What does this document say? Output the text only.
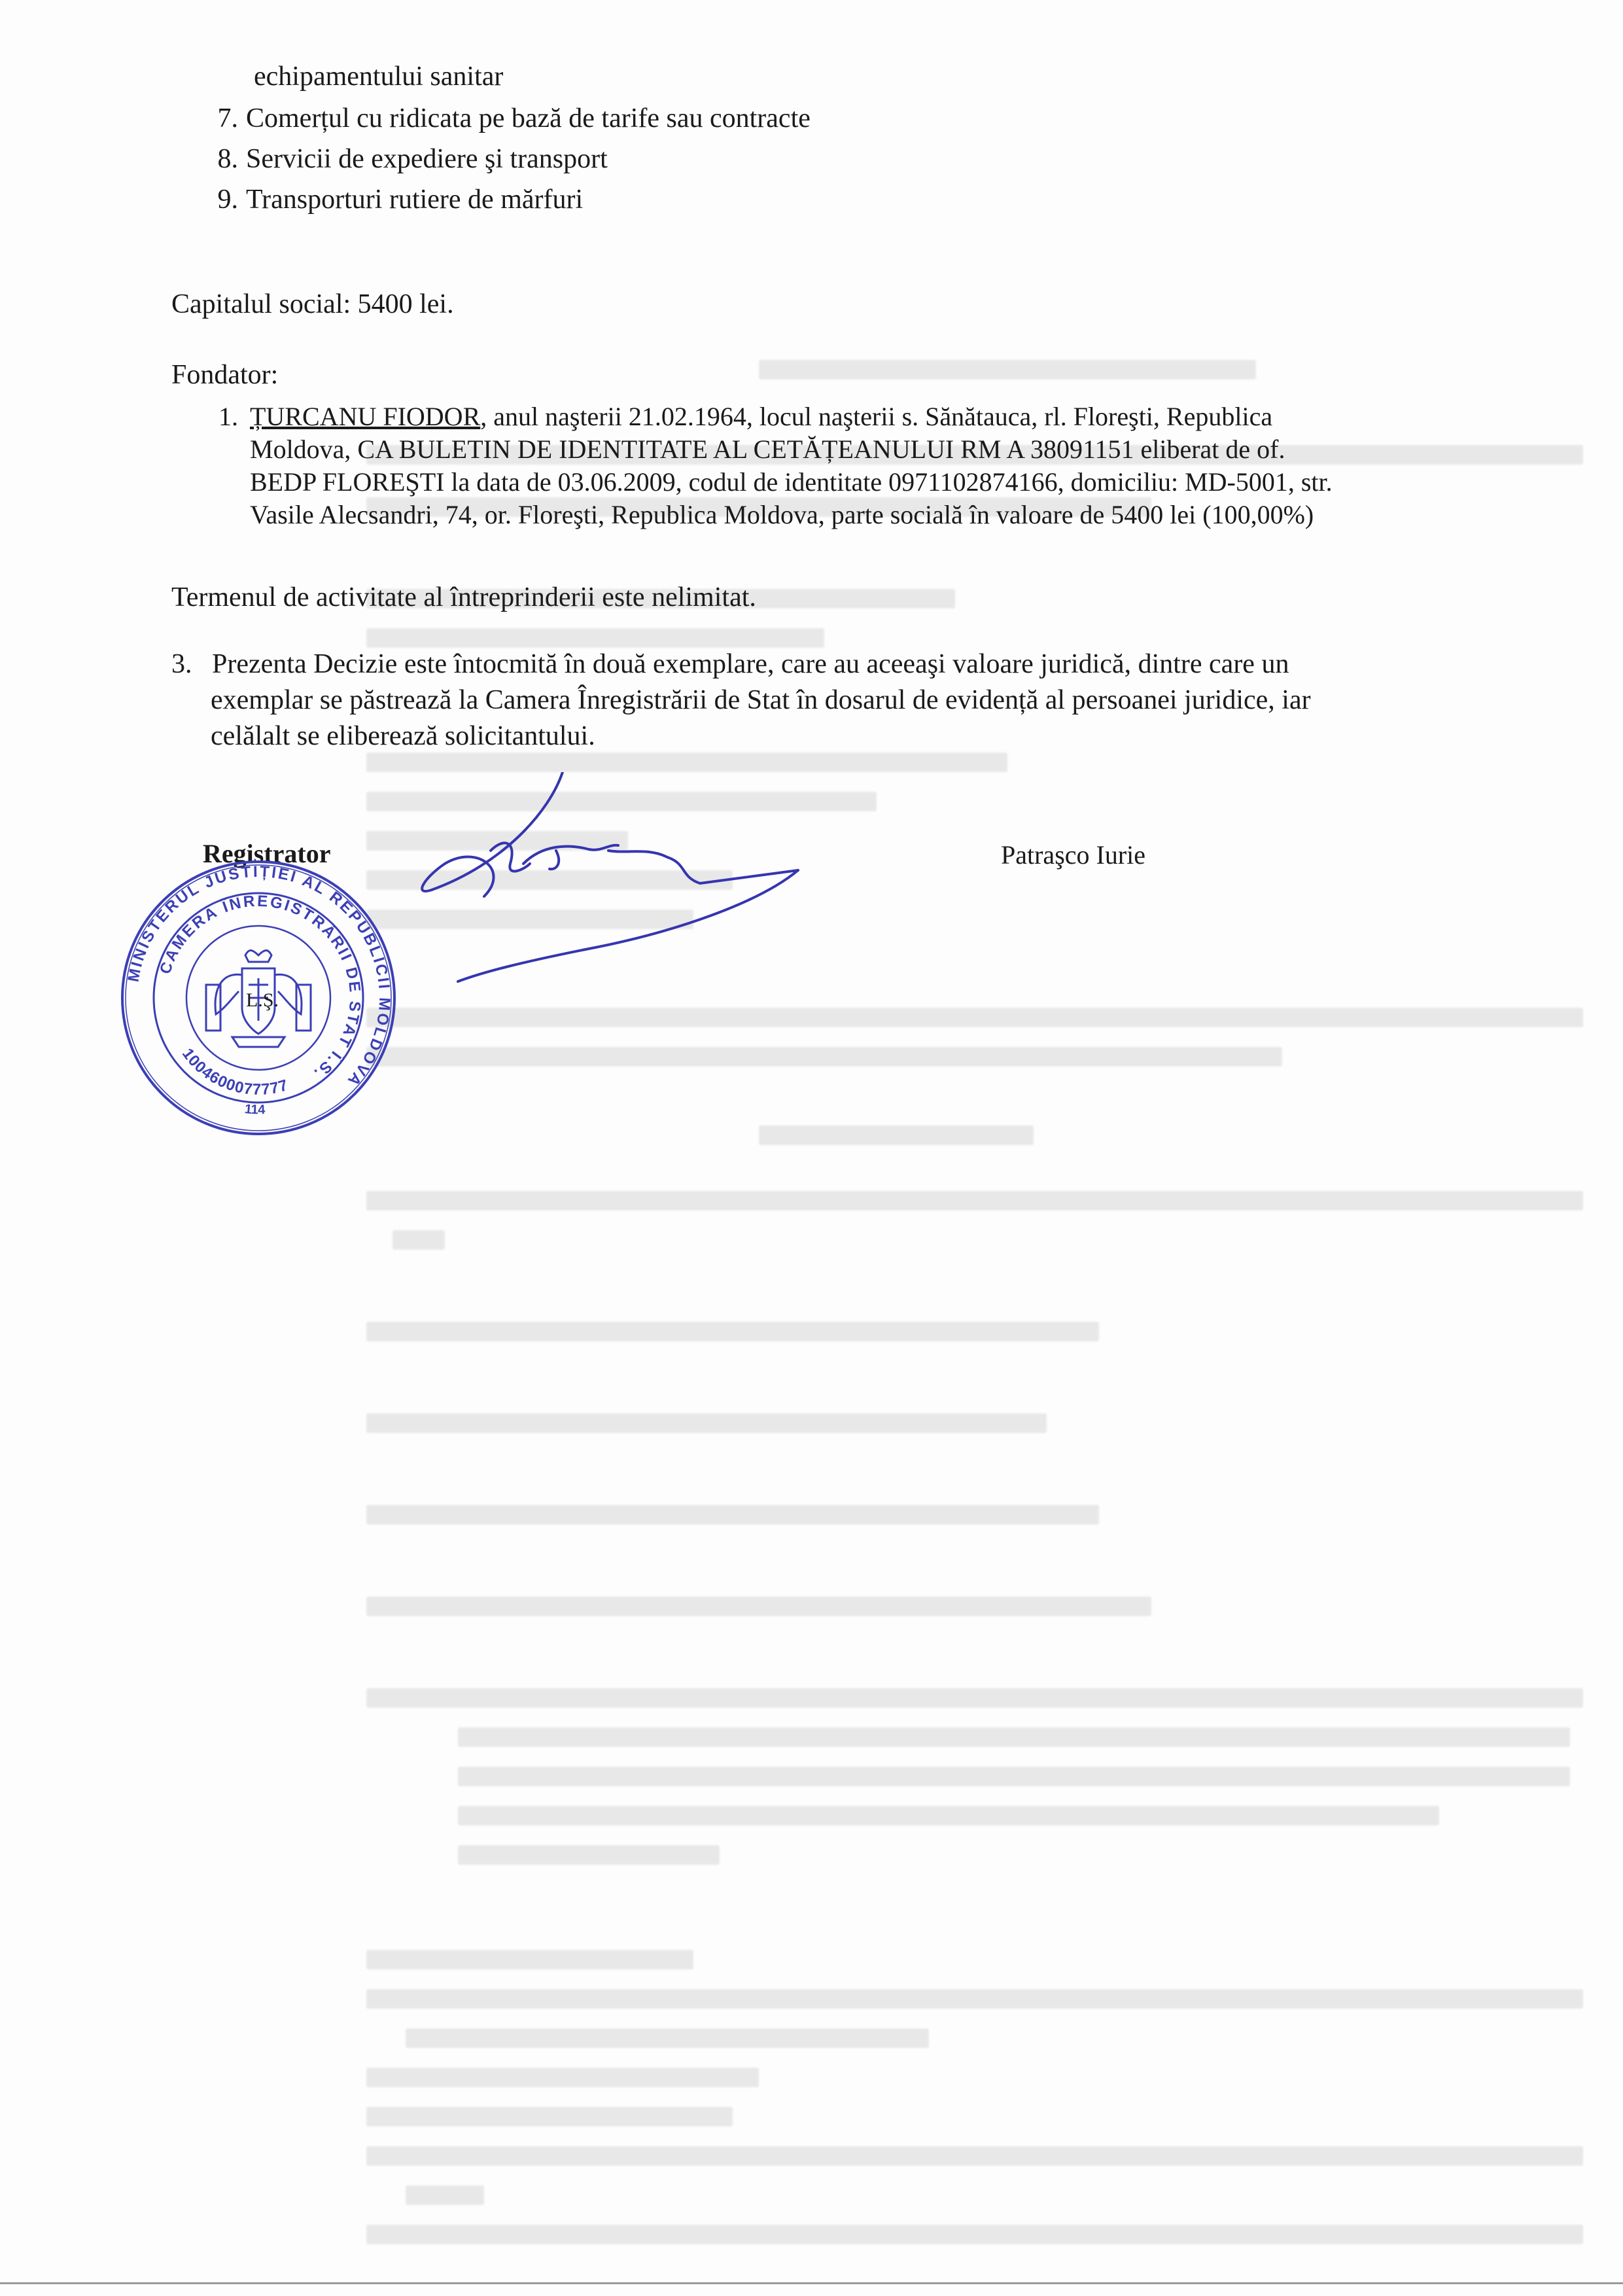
echipamentului sanitar
7. Comerțul cu ridicata pe bază de tarife sau contracte
8. Servicii de expediere şi transport
9. Transporturi rutiere de mărfuri
Capitalul social: 5400 lei.
Fondator:
1. ȚURCANU FIODOR, anul naşterii 21.02.1964, locul naşterii s. Sănătauca, rl. Floreşti, Republica
Moldova, CA BULETIN DE IDENTITATE AL CETĂȚEANULUI RM A 38091151 eliberat de of.
BEDP FLOREŞTI la data de 03.06.2009, codul de identitate 0971102874166, domiciliu: MD-5001, str.
Vasile Alecsandri, 74, or. Floreşti, Republica Moldova, parte socială în valoare de 5400 lei (100,00%)
Termenul de activitate al întreprinderii este nelimitat.
3. Prezenta Decizie este întocmită în două exemplare, care au aceeaşi valoare juridică, dintre care un
exemplar se păstrează la Camera Înregistrării de Stat în dosarul de evidență al persoanei juridice, iar
celălalt se eliberează solicitantului.
Registrator	Patraşco Iurie
MINISTERUL JUSTIȚIEI AL REPUBLICII MOLDOVA
CAMERA ÎNREGISTRĂRII DE STAT Î.S.
1004600077777
114
L.Ş.
